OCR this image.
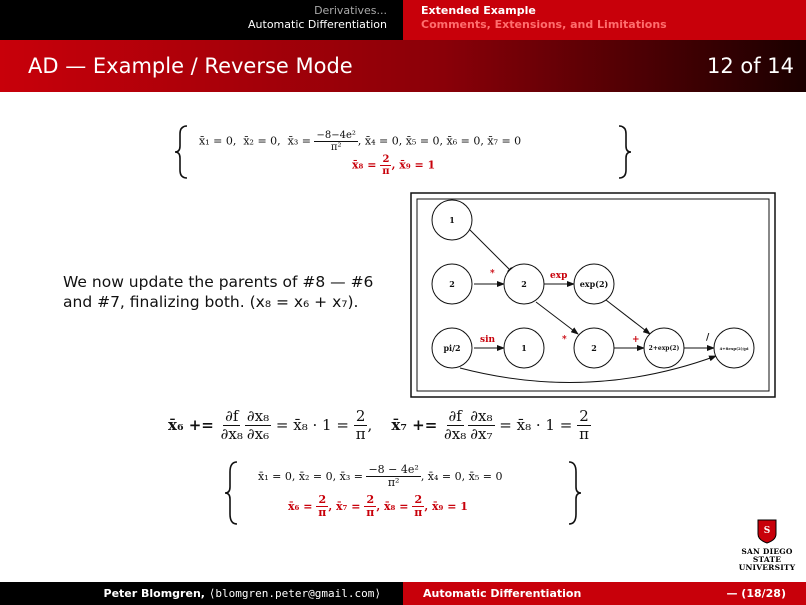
Derivatives...
Automatic Differentiation
Extended Example
Comments, Extensions, and Limitations
AD — Example / Reverse Mode	12 of 14
x̄₁ = 0, x̄₂ = 0, x̄₃ = $\frac{\text{−8−4e²}}{\text{π²}}$ , x̄₄ = 0, x̄₅ = 0, x̄₆ = 0, x̄₇ = 0
x̄₈ = $\frac{2}{\pi}$ , x̄₉ = 1
We now update the parents of #8 — #6
and #7, finalizing both. (x₈ = x₆ + x₇).
*	exp
sin	*	+	/
1
2	2	exp(2)
pi/2	1	2	2+exp(2)	4+8exp(2)/pi
x̄₆ +=
$\frac{\partial f}{\text{∂x₈}} \frac{\text{∂x₈}}{\text{∂x₆}}$
= x̄₈ · 1 =
$\frac{2}{\pi}$ , x̄₇ +=
$\frac{\partial f}{\text{∂x₈}} \frac{\text{∂x₈}}{\text{∂x₇}}$
= x̄₈ · 1 =
$\frac{2}{\pi}$
x̄₁ = 0, x̄₂ = 0, x̄₃ =
$\frac{\text{−8 − 4e²}}{\text{π²}}$ , x̄₄ = 0, x̄₅ = 0
x̄₆ =
$\frac{2}{\pi}$ , x̄₇ =
$\frac{2}{\pi}$ , x̄₈ =
$\frac{2}{\pi}$ , x̄₉ = 1
S
SAN DIEGO STATE
UNIVERSITY
Peter Blomgren, ⟨blomgren.peter@gmail.com⟩	Automatic Differentiation	— (18/28)
